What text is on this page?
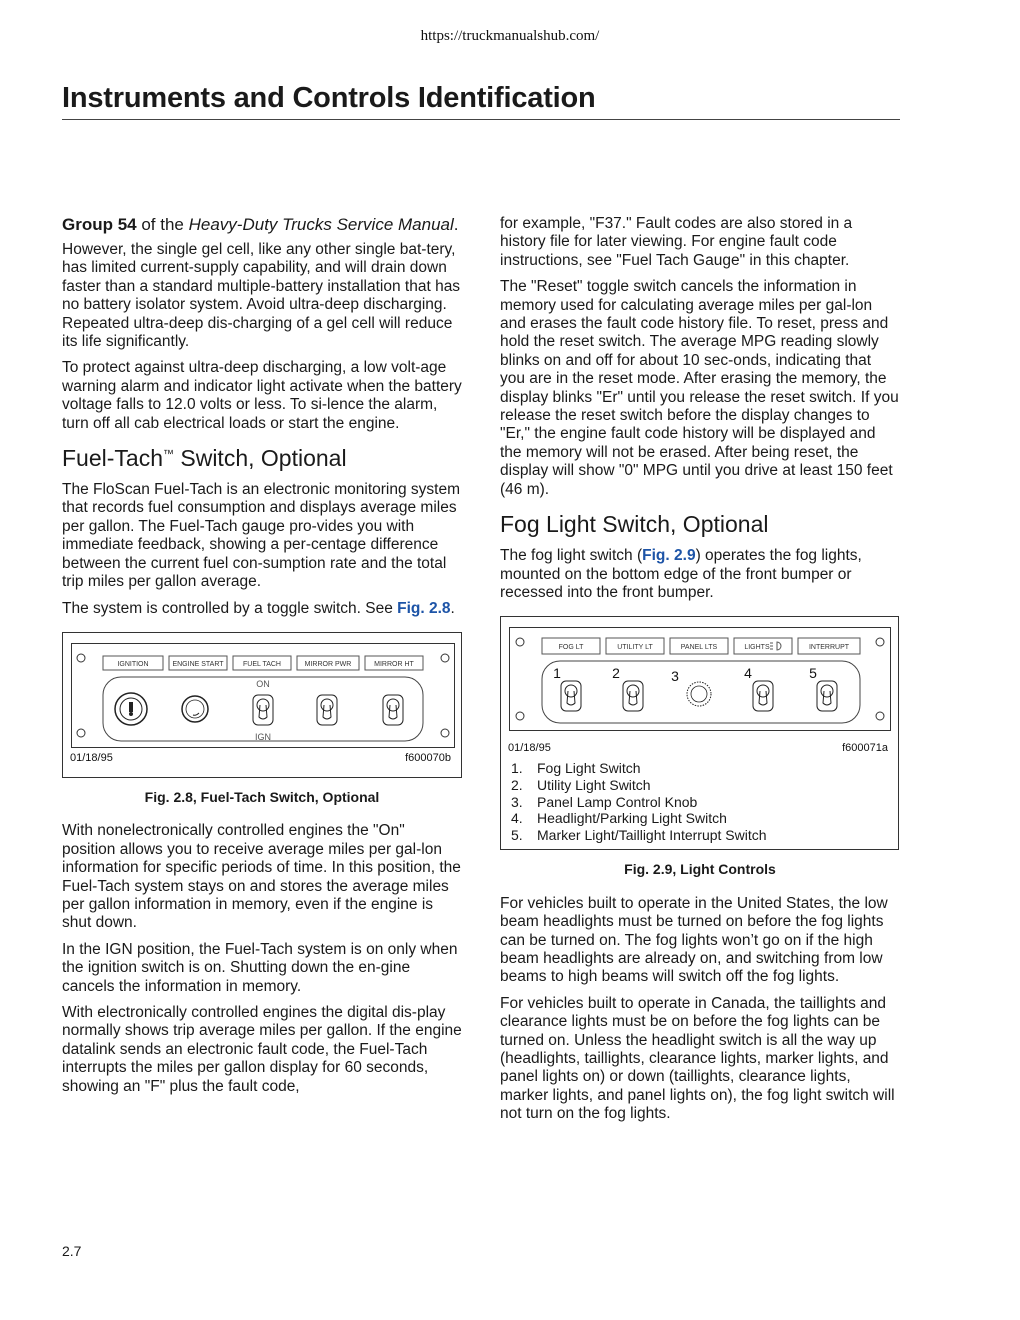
https://truckmanualshub.com/
Instruments and Controls Identification

Group 54 of the Heavy-Duty Trucks Service Manual.

However, the single gel cell, like any other single bat-tery, has limited current-supply capability, and will drain down faster than a standard multiple-battery installation that has no battery isolator system. Avoid ultra-deep discharging. Repeated ultra-deep dis-charging of a gel cell will reduce its life significantly.

To protect against ultra-deep discharging, a low volt-age warning alarm and indicator light activate when the battery voltage falls to 12.0 volts or less. To si-lence the alarm, turn off all cab electrical loads or start the engine.

Fuel-Tach™ Switch, Optional

The FloScan Fuel-Tach is an electronic monitoring system that records fuel consumption and displays average miles per gallon. The Fuel-Tach gauge pro-vides you with immediate feedback, showing a per-centage difference between the current fuel con-sumption rate and the total trip miles per gallon average.

The system is controlled by a toggle switch. See Fig. 2.8.

IGNITION	ENGINE START	FUEL TACH	MIRROR PWR	MIRROR HT
ON
IGN
01/18/95	f600070b
Fig. 2.8, Fuel-Tach Switch, Optional

With nonelectronically controlled engines the "On" position allows you to receive average miles per gal-lon information for specific periods of time. In this position, the Fuel-Tach system stays on and stores the average miles per gallon information in memory, even if the engine is shut down.

In the IGN position, the Fuel-Tach system is on only when the ignition switch is on. Shutting down the en-gine cancels the information in memory.

With electronically controlled engines the digital dis-play normally shows trip average miles per gallon. If the engine datalink sends an electronic fault code, the Fuel-Tach interrupts the miles per gallon display for 60 seconds, showing an "F" plus the fault code,

for example, "F37." Fault codes are also stored in a history file for later viewing. For engine fault code instructions, see "Fuel Tach Gauge" in this chapter.

The "Reset" toggle switch cancels the information in memory used for calculating average miles per gal-lon and erases the fault code history file. To reset, press and hold the reset switch. The average MPG reading slowly blinks on and off for about 10 sec-onds, indicating that you are in the reset mode. After erasing the memory, the display blinks "Er" until you release the reset switch. If you release the reset switch before the display changes to "Er," the engine fault code history will be displayed and the memory will not be erased. After being reset, the display will show "0" MPG until you drive at least 150 feet (46 m).

Fog Light Switch, Optional

The fog light switch (Fig. 2.9) operates the fog lights, mounted on the bottom edge of the front bumper or recessed into the front bumper.

FOG LT	UTILITY LT	PANEL LTS	LIGHTS	INTERRUPT
1	2	3	4	5
01/18/95	f600071a
1. Fog Light Switch
2. Utility Light Switch
3. Panel Lamp Control Knob
4. Headlight/Parking Light Switch
5. Marker Light/Taillight Interrupt Switch
Fig. 2.9, Light Controls

For vehicles built to operate in the United States, the low beam headlights must be turned on before the fog lights can be turned on. The fog lights won’t go on if the high beam headlights are already on, and switching from low beams to high beams will switch off the fog lights.

For vehicles built to operate in Canada, the taillights and clearance lights must be on before the fog lights can be turned on. Unless the headlight switch is all the way up (headlights, taillights, clearance lights, marker lights, and panel lights on) or down (taillights, clearance lights, marker lights, and panel lights on), the fog light switch will not turn on the fog lights.

2.7
